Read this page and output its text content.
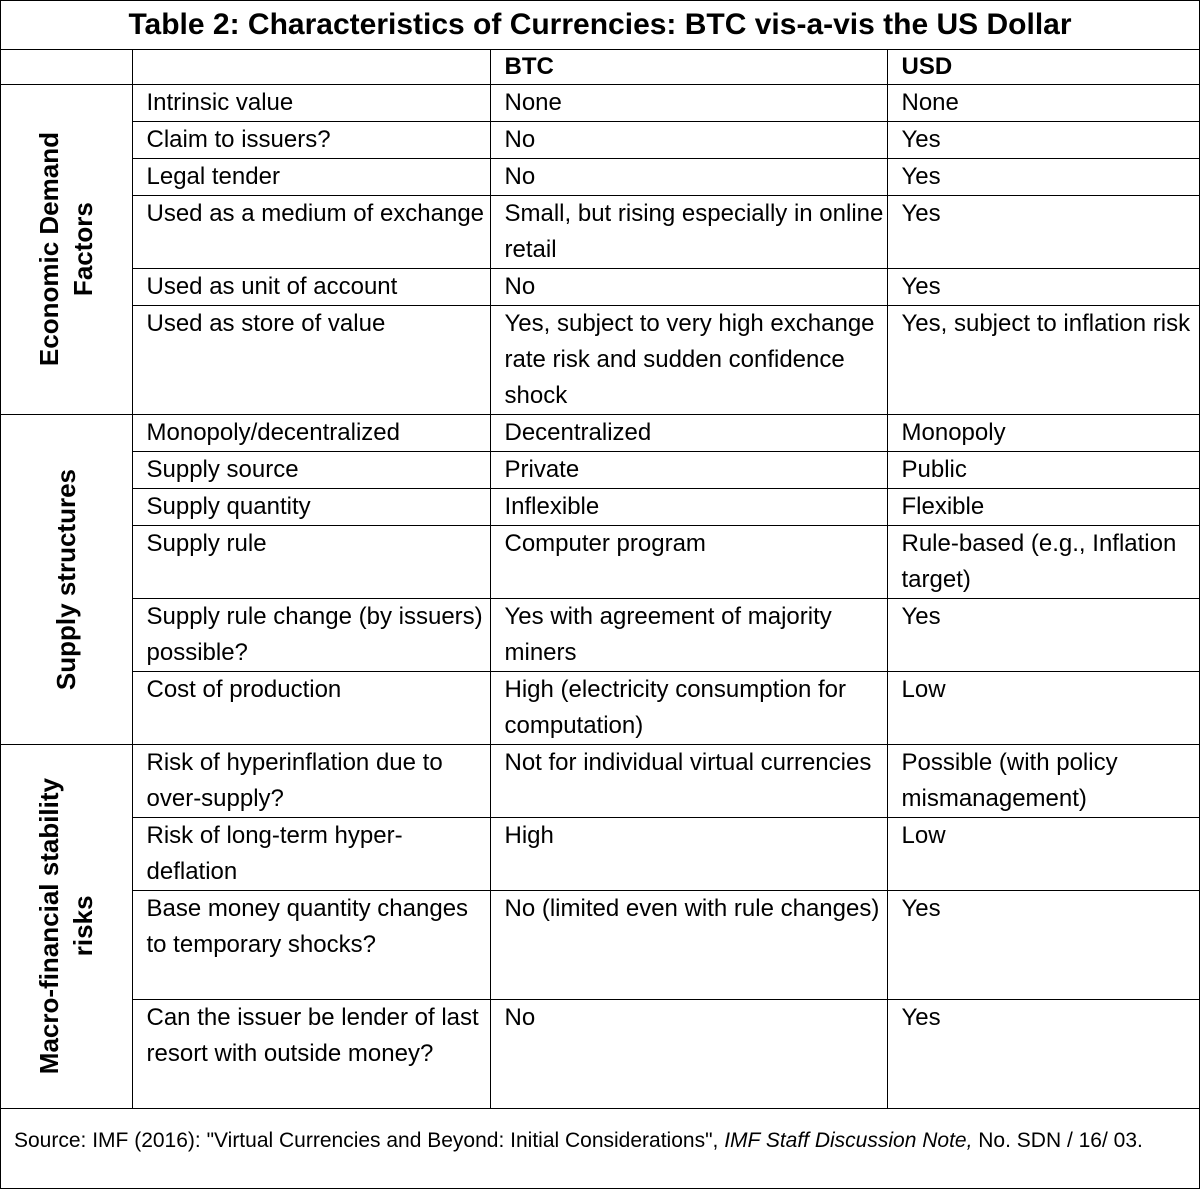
Table 2: Characteristics of Currencies: BTC vis-a-vis the US Dollar
		BTC	USD

Economic Demand
Factors	Intrinsic value	None	None
	Claim to issuers?	No	Yes
	Legal tender	No	Yes
	Used as a medium of exchange	Small, but rising especially in online retail	Yes
	Used as unit of account	No	Yes
	Used as store of value	Yes, subject to very high exchange rate risk and sudden confidence shock	Yes, subject to inflation risk

Supply structures	Monopoly/decentralized	Decentralized	Monopoly
	Supply source	Private	Public
	Supply quantity	Inflexible	Flexible
	Supply rule	Computer program	Rule-based (e.g., Inflation target)
	Supply rule change (by issuers) possible?	Yes with agreement of majority miners	Yes
	Cost of production	High (electricity consumption for computation)	Low

Macro-financial stability
risks	Risk of hyperinflation due to over-supply?	Not for individual virtual currencies	Possible (with policy mismanagement)
	Risk of long-term hyper-deflation	High	Low
	Base money quantity changes to temporary shocks?	No (limited even with rule changes)	Yes
	Can the issuer be lender of last resort with outside money?	No	Yes
Source: IMF (2016): "Virtual Currencies and Beyond: Initial Considerations", IMF Staff Discussion Note, No. SDN / 16/ 03.
